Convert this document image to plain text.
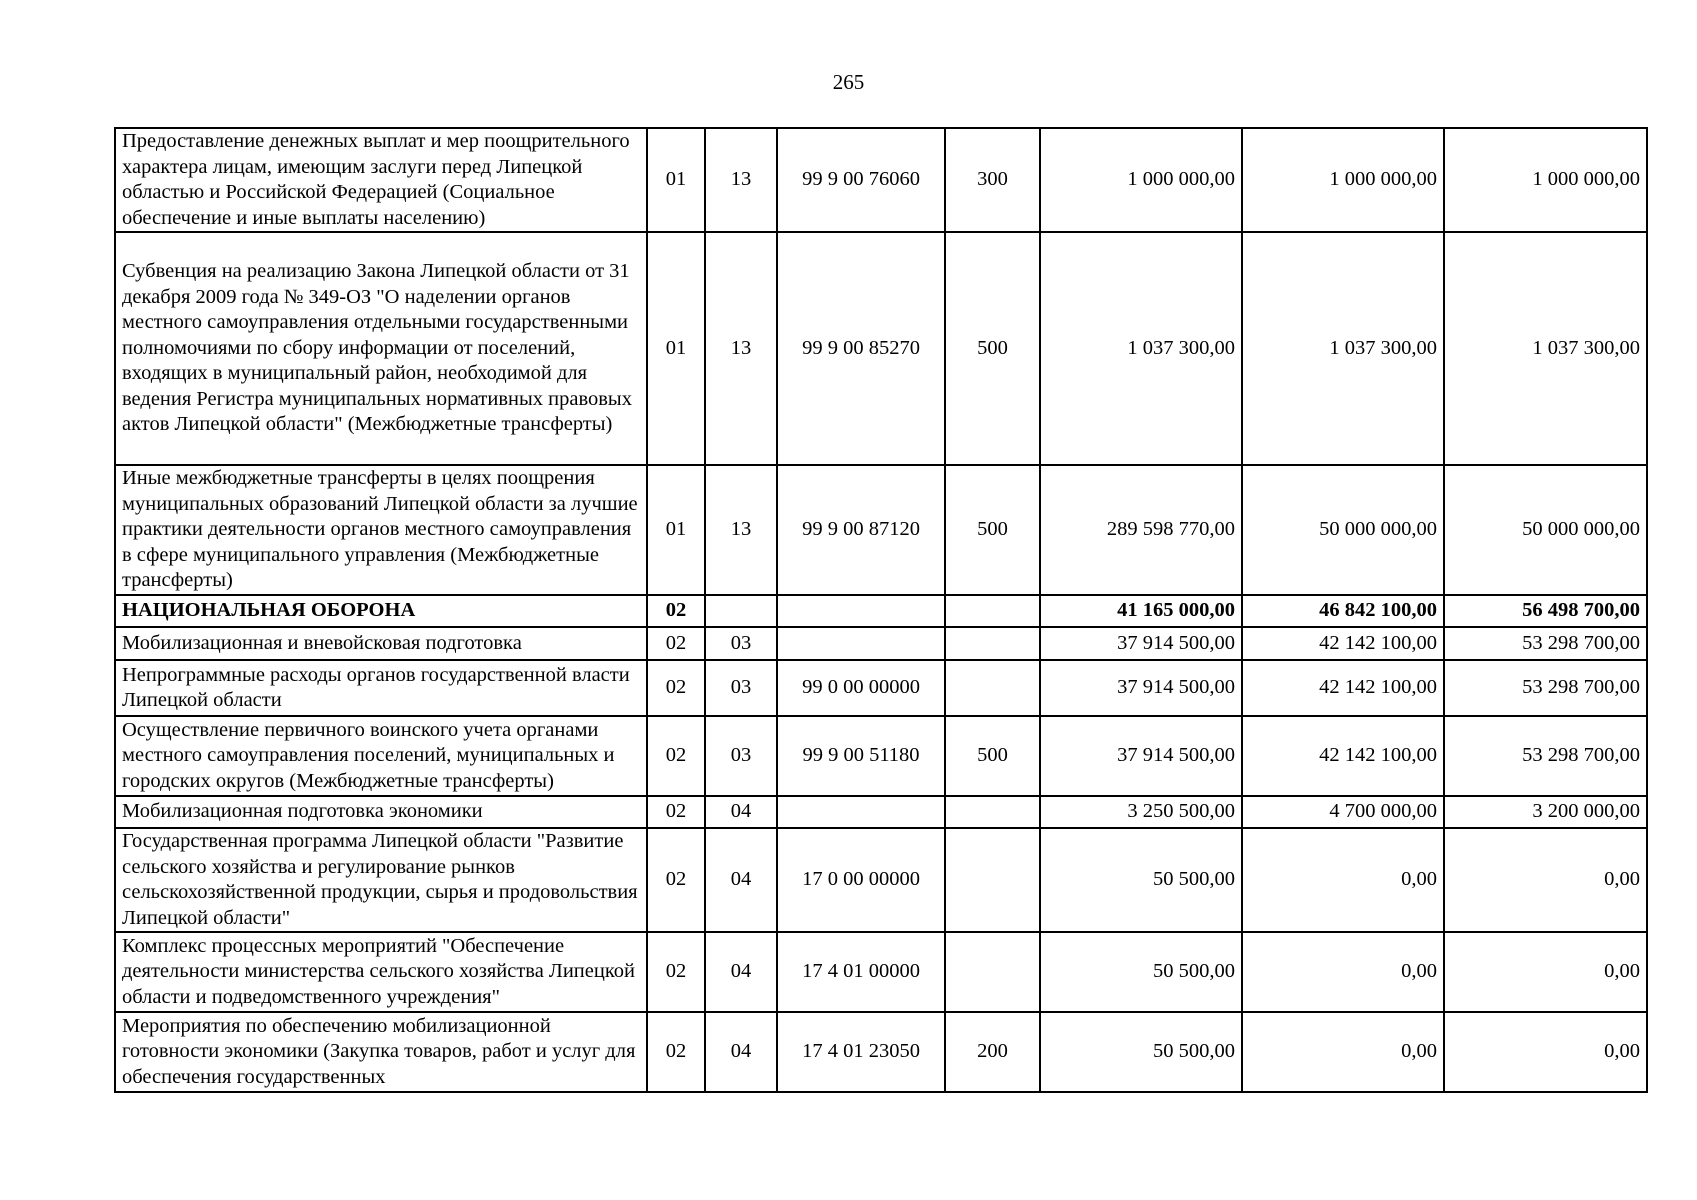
265
Предоставление денежных выплат и мер поощрительного характера лицам, имеющим заслуги перед Липецкой областью и Российской Федерацией (Социальное обеспечение и иные выплаты населению)	01	13	99 9 00 76060	300	1 000 000,00	1 000 000,00	1 000 000,00
Субвенция на реализацию Закона Липецкой области от 31 декабря 2009 года № 349-ОЗ "О наделении органов местного самоуправления отдельными государственными полномочиями по сбору информации от поселений, входящих в муниципальный район, необходимой для ведения Регистра муниципальных нормативных правовых актов Липецкой области" (Межбюджетные трансферты)	01	13	99 9 00 85270	500	1 037 300,00	1 037 300,00	1 037 300,00
Иные межбюджетные трансферты в целях поощрения муниципальных образований Липецкой области за лучшие практики деятельности органов местного самоуправления в сфере муниципального управления (Межбюджетные трансферты)	01	13	99 9 00 87120	500	289 598 770,00	50 000 000,00	50 000 000,00
НАЦИОНАЛЬНАЯ ОБОРОНА	02				41 165 000,00	46 842 100,00	56 498 700,00
Мобилизационная и вневойсковая подготовка	02	03			37 914 500,00	42 142 100,00	53 298 700,00
Непрограммные расходы органов государственной власти Липецкой области	02	03	99 0 00 00000		37 914 500,00	42 142 100,00	53 298 700,00
Осуществление первичного воинского учета органами местного самоуправления поселений, муниципальных и городских округов (Межбюджетные трансферты)	02	03	99 9 00 51180	500	37 914 500,00	42 142 100,00	53 298 700,00
Мобилизационная подготовка экономики	02	04			3 250 500,00	4 700 000,00	3 200 000,00
Государственная программа Липецкой области "Развитие сельского хозяйства и регулирование рынков сельскохозяйственной продукции, сырья и продовольствия Липецкой области"	02	04	17 0 00 00000		50 500,00	0,00	0,00
Комплекс процессных мероприятий "Обеспечение деятельности министерства сельского хозяйства Липецкой области и подведомственного учреждения"	02	04	17 4 01 00000		50 500,00	0,00	0,00
Мероприятия по обеспечению мобилизационной готовности экономики (Закупка товаров, работ и услуг для обеспечения государственных	02	04	17 4 01 23050	200	50 500,00	0,00	0,00
